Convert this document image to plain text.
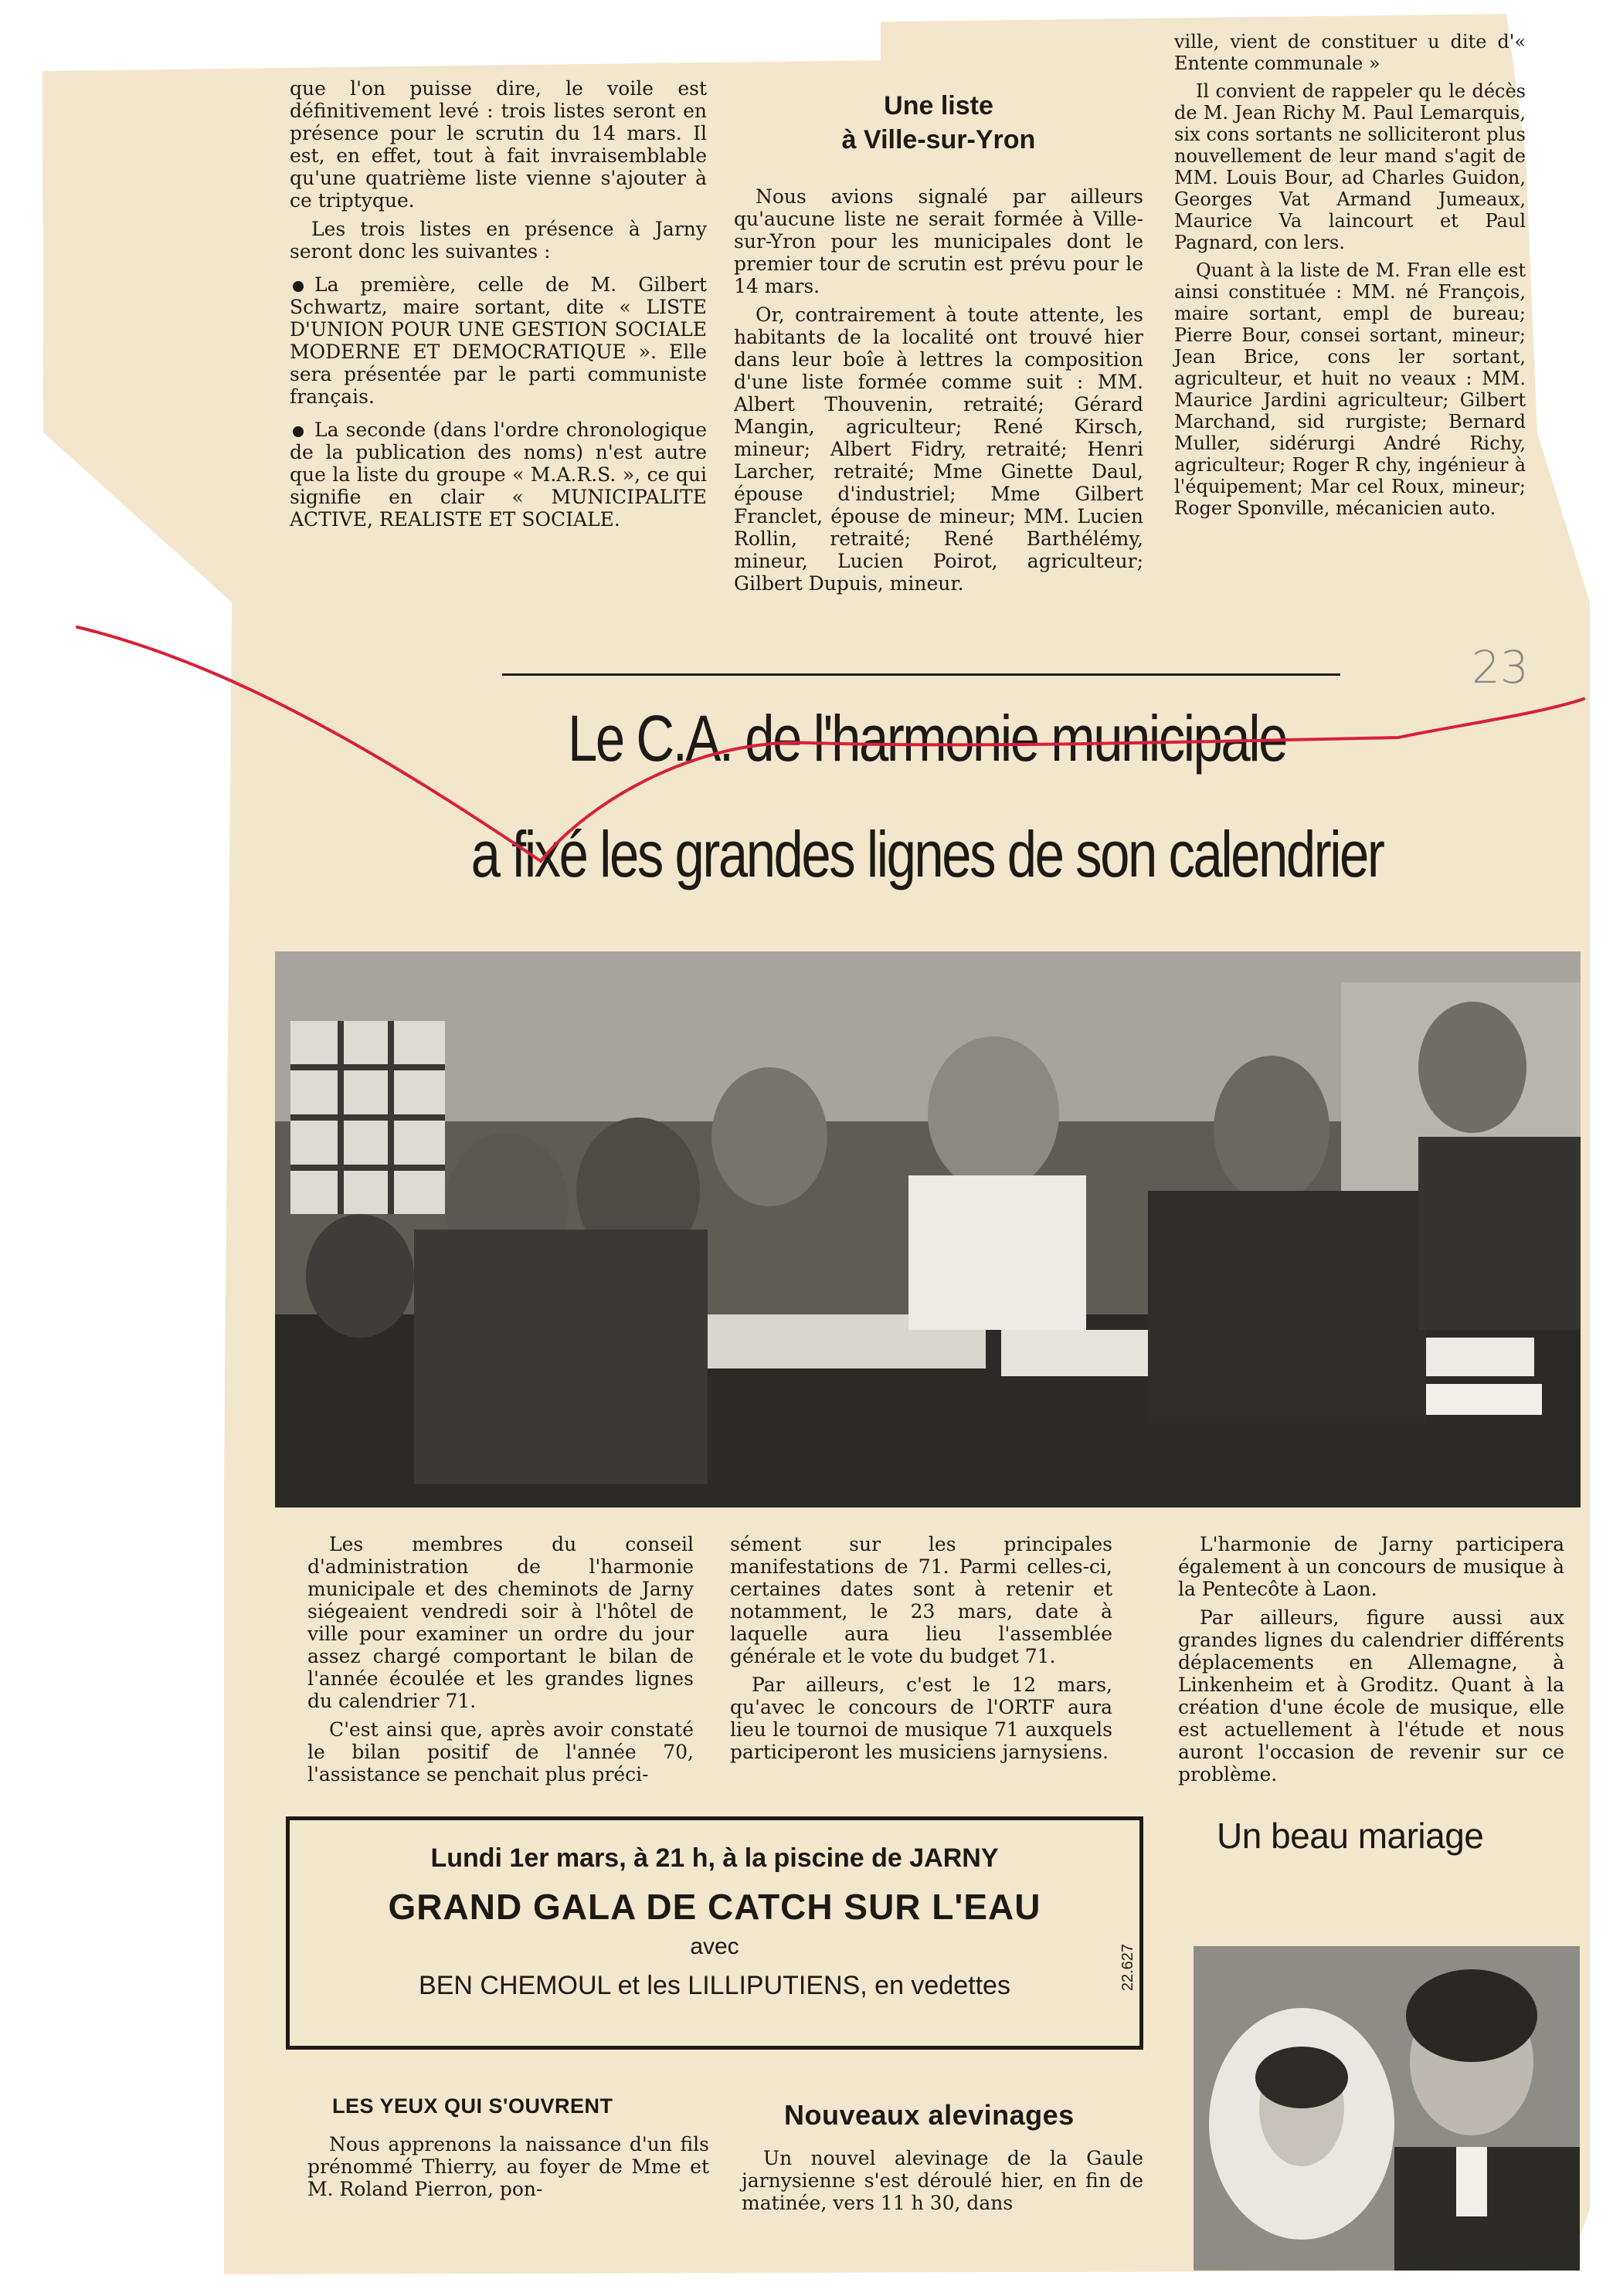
que l'on puisse dire, le voile est définitivement levé : trois listes seront en présence pour le scrutin du 14 mars. Il est, en effet, tout à fait invraisemblable qu'une quatrième liste vienne s'ajouter à ce triptyque.

Les trois listes en présence à Jarny seront donc les suivantes :

La première, celle de M. Gilbert Schwartz, maire sortant, dite « LISTE D'UNION POUR UNE GESTION SOCIALE MODERNE ET DEMOCRATIQUE ». Elle sera présentée par le parti communiste français.

La seconde (dans l'ordre chronologique de la publication des noms) n'est autre que la liste du groupe « M.A.R.S. », ce qui signifie en clair « MUNICIPALITE ACTIVE, REALISTE ET SOCIALE.

Une liste
à Ville-sur-Yron

Nous avions signalé par ailleurs qu'aucune liste ne serait formée à Ville-sur-Yron pour les municipales dont le premier tour de scrutin est prévu pour le 14 mars.

Or, contrairement à toute attente, les habitants de la localité ont trouvé hier dans leur boîe à lettres la composition d'une liste formée comme suit : MM. Albert Thouvenin, retraité; Gérard Mangin, agriculteur; René Kirsch, mineur; Albert Fidry, retraité; Henri Larcher, retraité; Mme Ginette Daul, épouse d'industriel; Mme Gilbert Franclet, épouse de mineur; MM. Lucien Rollin, retraité; René Barthélémy, mineur, Lucien Poirot, agriculteur; Gilbert Dupuis, mineur.

ville, vient de constituer u dite d'« Entente communale »

Il convient de rappeler qu le décès de M. Jean Richy M. Paul Lemarquis, six cons sortants ne solliciteront plus nouvellement de leur mand s'agit de MM. Louis Bour, ad Charles Guidon, Georges Vat Armand Jumeaux, Maurice Va laincourt et Paul Pagnard, con lers.

Quant à la liste de M. Fran elle est ainsi constituée : MM. né François, maire sortant, empl de bureau; Pierre Bour, consei sortant, mineur; Jean Brice, cons ler sortant, agriculteur, et huit no veaux : MM. Maurice Jardini agriculteur; Gilbert Marchand, sid rurgiste; Bernard Muller, sidérurgi André Richy, agriculteur; Roger R chy, ingénieur à l'équipement; Mar cel Roux, mineur; Roger Sponville, mécanicien auto.

23
Le C.A. de l'harmonie municipale
a fixé les grandes lignes de son calendrier

Les membres du conseil d'administration de l'harmonie municipale et des cheminots de Jarny siégeaient vendredi soir à l'hôtel de ville pour examiner un ordre du jour assez chargé comportant le bilan de l'année écoulée et les grandes lignes du calendrier 71.

C'est ainsi que, après avoir constaté le bilan positif de l'année 70, l'assistance se penchait plus préci-

sément sur les principales manifestations de 71. Parmi celles-ci, certaines dates sont à retenir et notamment, le 23 mars, date à laquelle aura lieu l'assemblée générale et le vote du budget 71.

Par ailleurs, c'est le 12 mars, qu'avec le concours de l'ORTF aura lieu le tournoi de musique 71 auxquels participeront les musiciens jarnysiens.

L'harmonie de Jarny participera également à un concours de musique à la Pentecôte à Laon.

Par ailleurs, figure aussi aux grandes lignes du calendrier différents déplacements en Allemagne, à Linkenheim et à Groditz. Quant à la création d'une école de musique, elle est actuellement à l'étude et nous auront l'occasion de revenir sur ce problème.

Lundi 1er mars, à 21 h, à la piscine de JARNY
GRAND GALA DE CATCH SUR L'EAU
avec
BEN CHEMOUL et les LILLIPUTIENS, en vedettes	22.627
Un beau mariage
LES YEUX QUI S'OUVRENT

Nous apprenons la naissance d'un fils prénommé Thierry, au foyer de Mme et M. Roland Pierron, pon-

Nouveaux alevinages

Un nouvel alevinage de la Gaule jarnysienne s'est déroulé hier, en fin de matinée, vers 11 h 30, dans
